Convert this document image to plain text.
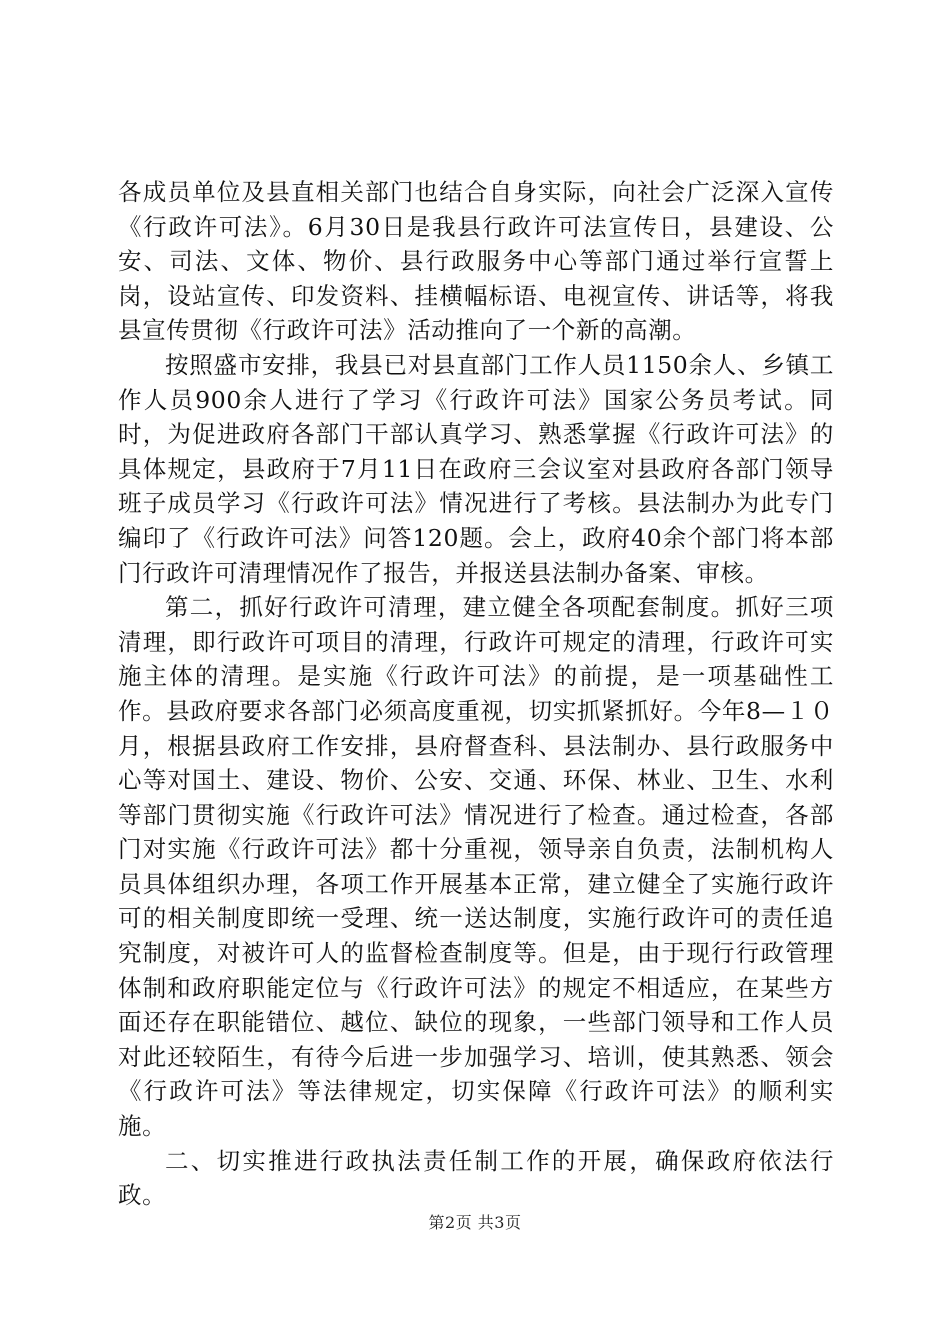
各成员单位及县直相关部门也结合自身实际，向社会广泛深入宣传《行政许可法》。6月30日是我县行政许可法宣传日，县建设、公安、司法、文体、物价、县行政服务中心等部门通过举行宣誓上岗，设站宣传、印发资料、挂横幅标语、电视宣传、讲话等，将我县宣传贯彻《行政许可法》活动推向了一个新的高潮。

按照盛市安排，我县已对县直部门工作人员1150余人、乡镇工作人员900余人进行了学习《行政许可法》国家公务员考试。同时，为促进政府各部门干部认真学习、熟悉掌握《行政许可法》的具体规定，县政府于7月11日在政府三会议室对县政府各部门领导班子成员学习《行政许可法》情况进行了考核。县法制办为此专门编印了《行政许可法》问答120题。会上，政府40余个部门将本部门行政许可清理情况作了报告，并报送县法制办备案、审核。

第二，抓好行政许可清理，建立健全各项配套制度。抓好三项清理，即行政许可项目的清理，行政许可规定的清理，行政许可实施主体的清理。是实施《行政许可法》的前提，是一项基础性工作。县政府要求各部门必须高度重视，切实抓紧抓好。今年8—１０月，根据县政府工作安排，县府督查科、县法制办、县行政服务中心等对国土、建设、物价、公安、交通、环保、林业、卫生、水利等部门贯彻实施《行政许可法》情况进行了检查。通过检查，各部门对实施《行政许可法》都十分重视，领导亲自负责，法制机构人员具体组织办理，各项工作开展基本正常，建立健全了实施行政许可的相关制度即统一受理、统一送达制度，实施行政许可的责任追究制度，对被许可人的监督检查制度等。但是，由于现行行政管理体制和政府职能定位与《行政许可法》的规定不相适应，在某些方面还存在职能错位、越位、缺位的现象，一些部门领导和工作人员对此还较陌生，有待今后进一步加强学习、培训，使其熟悉、领会《行政许可法》等法律规定，切实保障《行政许可法》的顺利实施。

二、切实推进行政执法责任制工作的开展，确保政府依法行政。

第2页 共3页
